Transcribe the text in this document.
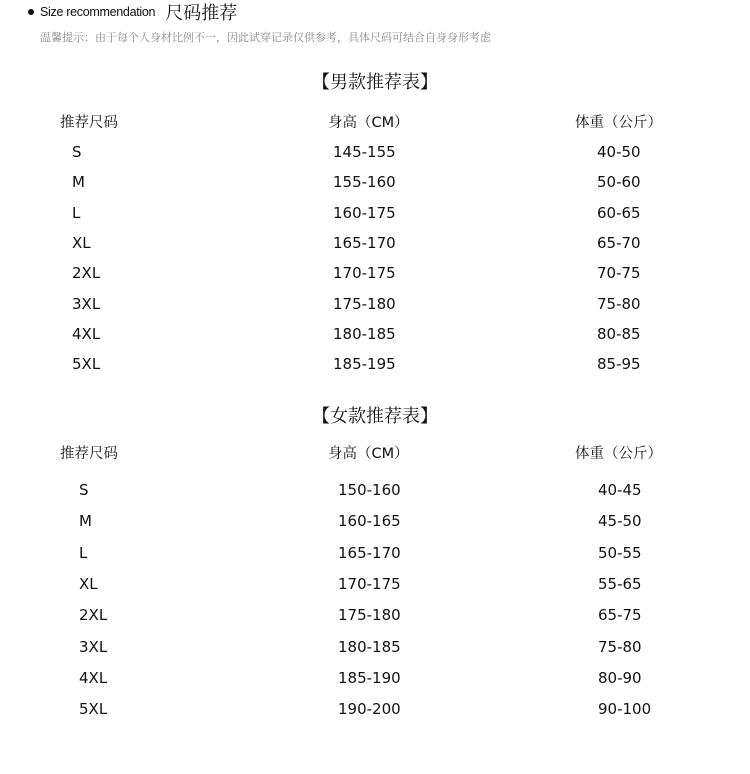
Size recommendation 尺码推荐
温馨提示：由于每个人身材比例不一，因此试穿记录仅供参考，具体尺码可结合自身身形考虑
【男款推荐表】
推荐尺码	身高（CM）	体重（公斤）
S	145-155	40-50
M	155-160	50-60
L	160-175	60-65
XL	165-170	65-70
2XL	170-175	70-75
3XL	175-180	75-80
4XL	180-185	80-85
5XL	185-195	85-95
【女款推荐表】
推荐尺码	身高（CM）	体重（公斤）
S	150-160	40-45
M	160-165	45-50
L	165-170	50-55
XL	170-175	55-65
2XL	175-180	65-75
3XL	180-185	75-80
4XL	185-190	80-90
5XL	190-200	90-100
